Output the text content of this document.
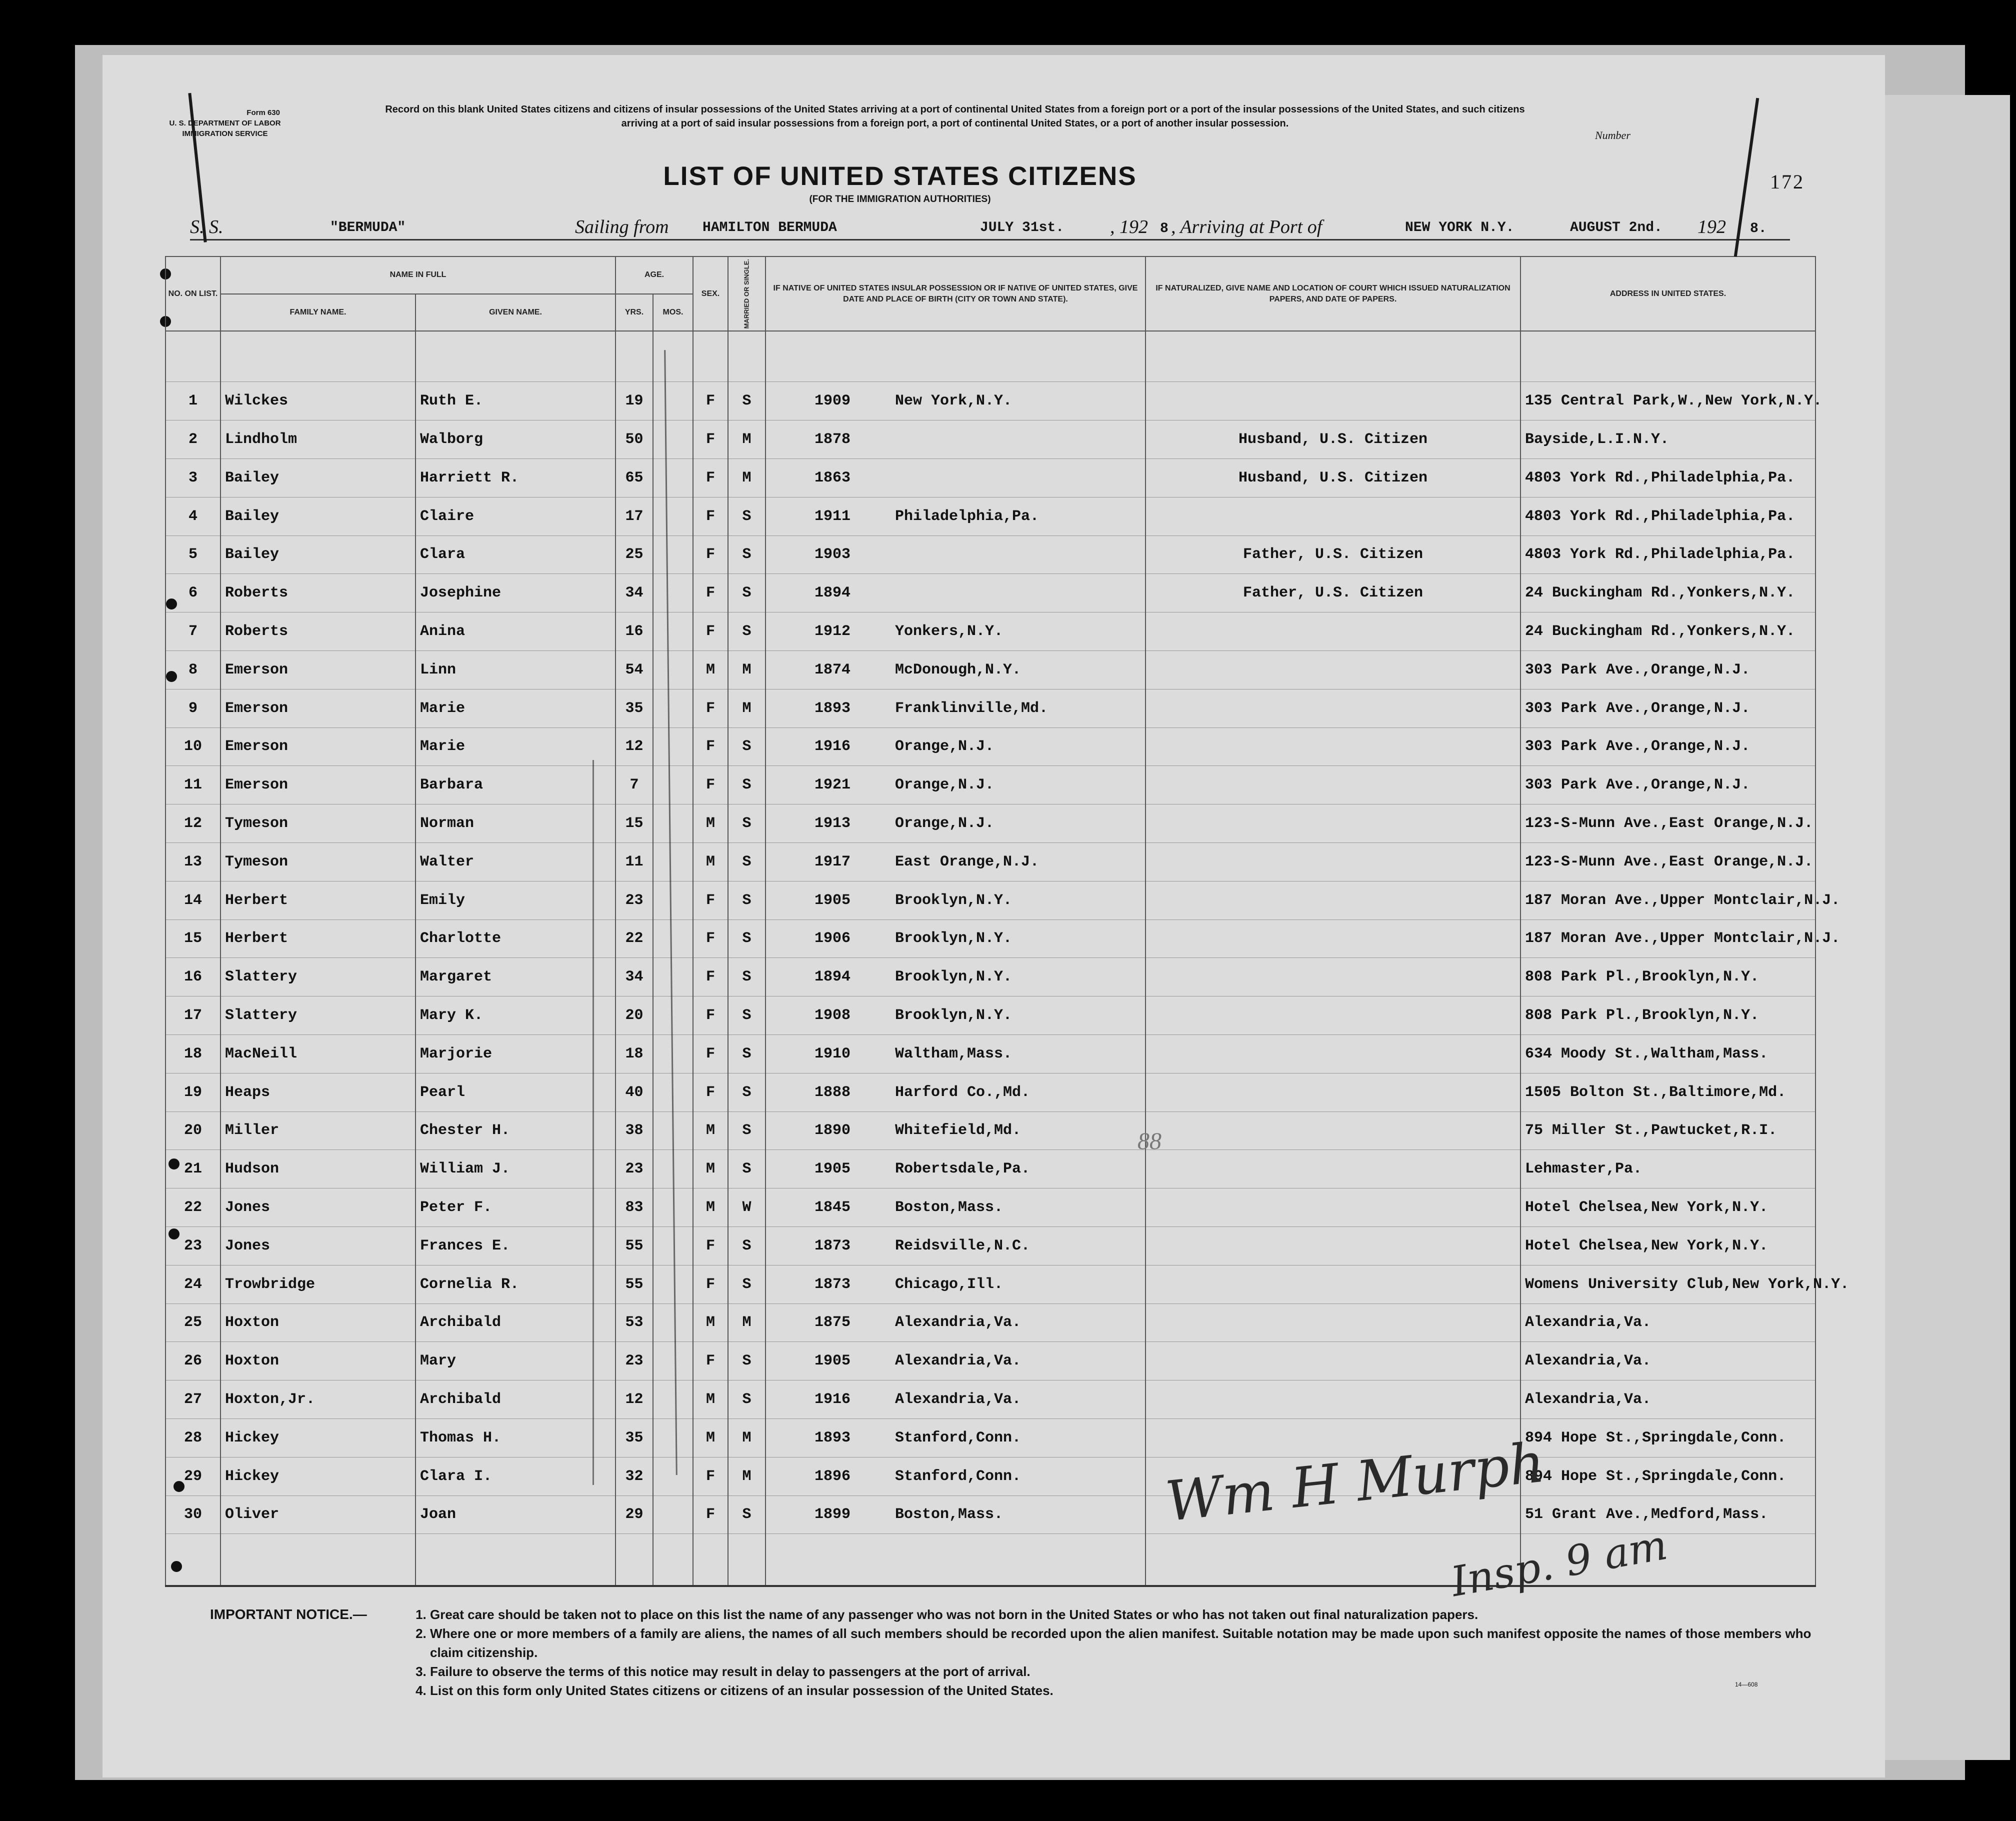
Form 630
U. S. DEPARTMENT OF LABOR
IMMIGRATION SERVICE
Record on this blank United States citizens and citizens of insular possessions of the United States arriving at a port of continental United States from a foreign port or a port of the insular possessions of the United States, and such citizens arriving at a port of said insular possessions from a foreign port, a port of continental United States, or a port of another insular possession.
Number
LIST OF UNITED STATES CITIZENS
(FOR THE IMMIGRATION AUTHORITIES)
172
S. S.	"BERMUDA"	Sailing from HAMILTON BERMUDA	JULY 31st. , 192 8 , Arriving at Port of	NEW YORK N.Y.	AUGUST 2nd. 192 8.
NO. ON LIST.	NAME IN FULL		AGE.		SEX.	MARRIED OR SINGLE.	IF NATIVE OF UNITED STATES INSULAR POSSESSION OR IF NATIVE OF UNITED STATES, GIVE DATE AND PLACE OF BIRTH (CITY OR TOWN AND STATE).	IF NATURALIZED, GIVE NAME AND LOCATION OF COURT WHICH ISSUED NATURALIZATION PAPERS, AND DATE OF PAPERS.	ADDRESS IN UNITED STATES.
	FAMILY NAME.	GIVEN NAME.	YRS.	MOS.					

1	Wilckes	Ruth E.	19		F	S	1909 New York,N.Y.		135 Central Park,W.,New York,N.Y.
2	Lindholm	Walborg	50		F	M	1878	Husband, U.S. Citizen	Bayside,L.I.N.Y.
3	Bailey	Harriett R.	65		F	M	1863	Husband, U.S. Citizen	4803 York Rd.,Philadelphia,Pa.
4	Bailey	Claire	17		F	S	1911 Philadelphia,Pa.		4803 York Rd.,Philadelphia,Pa.
5	Bailey	Clara	25		F	S	1903	Father, U.S. Citizen	4803 York Rd.,Philadelphia,Pa.
6	Roberts	Josephine	34		F	S	1894	Father, U.S. Citizen	24 Buckingham Rd.,Yonkers,N.Y.
7	Roberts	Anina	16		F	S	1912 Yonkers,N.Y.		24 Buckingham Rd.,Yonkers,N.Y.
8	Emerson	Linn	54		M	M	1874 McDonough,N.Y.		303 Park Ave.,Orange,N.J.
9	Emerson	Marie	35		F	M	1893 Franklinville,Md.		303 Park Ave.,Orange,N.J.
10	Emerson	Marie	12		F	S	1916 Orange,N.J.		303 Park Ave.,Orange,N.J.
11	Emerson	Barbara	7		F	S	1921 Orange,N.J.		303 Park Ave.,Orange,N.J.
12	Tymeson	Norman	15		M	S	1913 Orange,N.J.		123-S-Munn Ave.,East Orange,N.J.
13	Tymeson	Walter	11		M	S	1917 East Orange,N.J.		123-S-Munn Ave.,East Orange,N.J.
14	Herbert	Emily	23		F	S	1905 Brooklyn,N.Y.		187 Moran Ave.,Upper Montclair,N.J.
15	Herbert	Charlotte	22		F	S	1906 Brooklyn,N.Y.		187 Moran Ave.,Upper Montclair,N.J.
16	Slattery	Margaret	34		F	S	1894 Brooklyn,N.Y.		808 Park Pl.,Brooklyn,N.Y.
17	Slattery	Mary K.	20		F	S	1908 Brooklyn,N.Y.		808 Park Pl.,Brooklyn,N.Y.
18	MacNeill	Marjorie	18		F	S	1910 Waltham,Mass.		634 Moody St.,Waltham,Mass.
19	Heaps	Pearl	40		F	S	1888 Harford Co.,Md.		1505 Bolton St.,Baltimore,Md.
20	Miller	Chester H.	38		M	S	1890 Whitefield,Md.		75 Miller St.,Pawtucket,R.I.
21	Hudson	William J.	23		M	S	1905 Robertsdale,Pa.		Lehmaster,Pa.
22	Jones	Peter F.	83		M	W	1845 Boston,Mass.		Hotel Chelsea,New York,N.Y.
23	Jones	Frances E.	55		F	S	1873 Reidsville,N.C.		Hotel Chelsea,New York,N.Y.
24	Trowbridge	Cornelia R.	55		F	S	1873 Chicago,Ill.		Womens University Club,New York,N.Y.
25	Hoxton	Archibald	53		M	M	1875 Alexandria,Va.		Alexandria,Va.
26	Hoxton	Mary	23		F	S	1905 Alexandria,Va.		Alexandria,Va.
27	Hoxton,Jr.	Archibald	12		M	S	1916 Alexandria,Va.		Alexandria,Va.
28	Hickey	Thomas H.	35		M	M	1893 Stanford,Conn.		894 Hope St.,Springdale,Conn.
29	Hickey	Clara I.	32		F	M	1896 Stanford,Conn.		894 Hope St.,Springdale,Conn.
30	Oliver	Joan	29		F	S	1899 Boston,Mass.		51 Grant Ave.,Medford,Mass.

88
Wm H Murph
Insp. 9 am
IMPORTANT NOTICE.—	1. Great care should be taken not to place on this list the name of any passenger who was not born in the United States or who has not taken out final naturalization papers.
2. Where one or more members of a family are aliens, the names of all such members should be recorded upon the alien manifest. Suitable notation may be made upon such manifest opposite the names of those members who claim citizenship.
3. Failure to observe the terms of this notice may result in delay to passengers at the port of arrival.
4. List on this form only United States citizens or citizens of an insular possession of the United States.	14—608
